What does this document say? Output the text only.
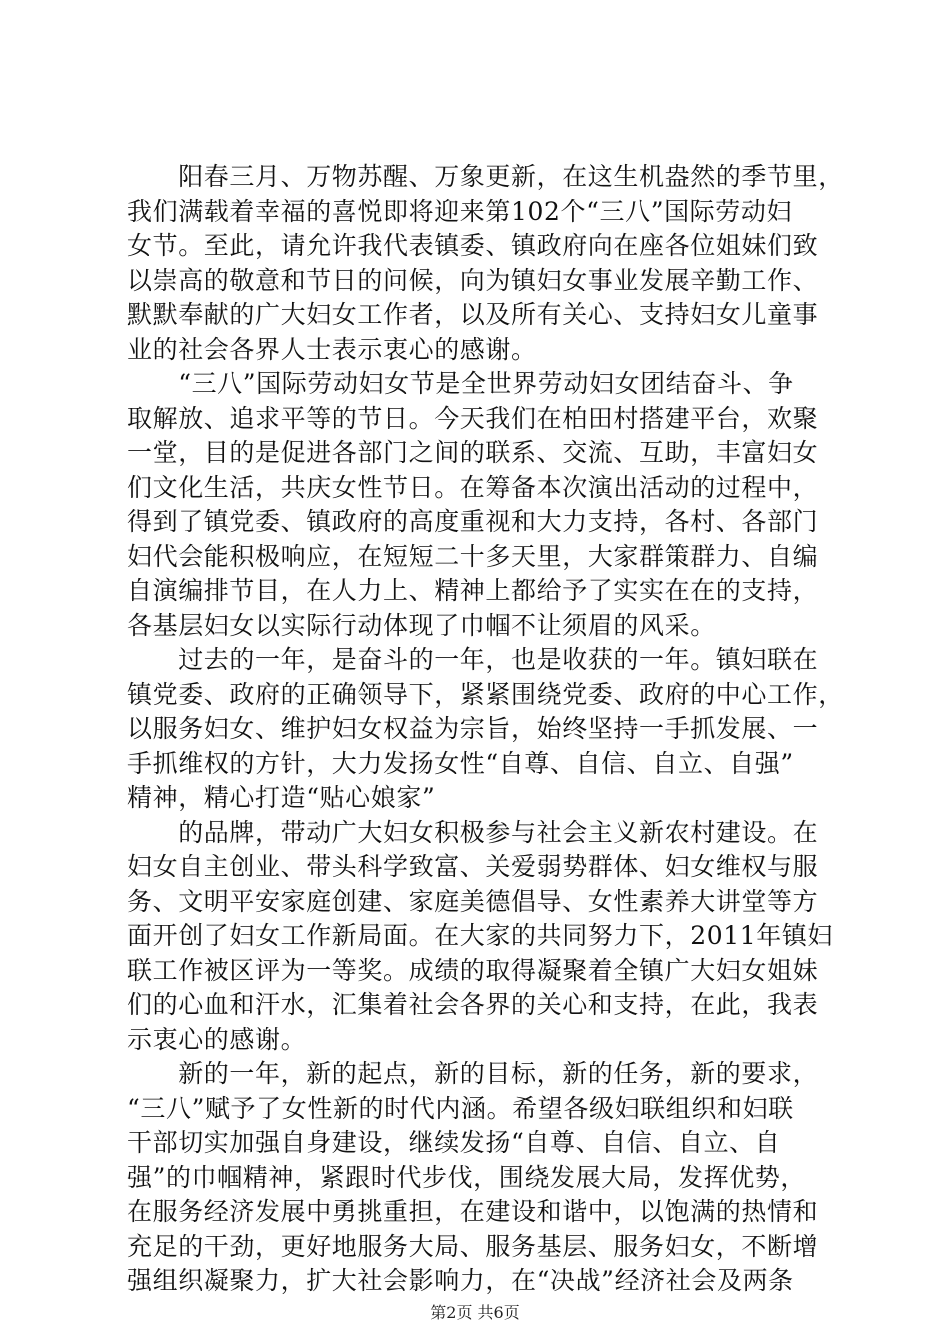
　　阳春三月、万物苏醒、万象更新，在这生机盎然的季节里，
我们满载着幸福的喜悦即将迎来第102个“三八”国际劳动妇
女节。至此，请允许我代表镇委、镇政府向在座各位姐妹们致
以崇高的敬意和节日的问候，向为镇妇女事业发展辛勤工作、
默默奉献的广大妇女工作者，以及所有关心、支持妇女儿童事
业的社会各界人士表示衷心的感谢。
　　“三八”国际劳动妇女节是全世界劳动妇女团结奋斗、争
取解放、追求平等的节日。今天我们在柏田村搭建平台，欢聚
一堂，目的是促进各部门之间的联系、交流、互助，丰富妇女
们文化生活，共庆女性节日。在筹备本次演出活动的过程中，
得到了镇党委、镇政府的高度重视和大力支持，各村、各部门
妇代会能积极响应，在短短二十多天里，大家群策群力、自编
自演编排节目，在人力上、精神上都给予了实实在在的支持，
各基层妇女以实际行动体现了巾帼不让须眉的风采。
　　过去的一年，是奋斗的一年，也是收获的一年。镇妇联在
镇党委、政府的正确领导下，紧紧围绕党委、政府的中心工作，
以服务妇女、维护妇女权益为宗旨，始终坚持一手抓发展、一
手抓维权的方针，大力发扬女性“自尊、自信、自立、自强”
精神，精心打造“贴心娘家”
　　的品牌，带动广大妇女积极参与社会主义新农村建设。在
妇女自主创业、带头科学致富、关爱弱势群体、妇女维权与服
务、文明平安家庭创建、家庭美德倡导、女性素养大讲堂等方
面开创了妇女工作新局面。在大家的共同努力下，2011年镇妇
联工作被区评为一等奖。成绩的取得凝聚着全镇广大妇女姐妹
们的心血和汗水，汇集着社会各界的关心和支持，在此，我表
示衷心的感谢。
　　新的一年，新的起点，新的目标，新的任务，新的要求，
“三八”赋予了女性新的时代内涵。希望各级妇联组织和妇联
干部切实加强自身建设，继续发扬“自尊、自信、自立、自
强”的巾帼精神，紧跟时代步伐，围绕发展大局，发挥优势，
在服务经济发展中勇挑重担，在建设和谐中，以饱满的热情和
充足的干劲，更好地服务大局、服务基层、服务妇女，不断增
强组织凝聚力，扩大社会影响力，在“决战”经济社会及两条
第2页 共6页
